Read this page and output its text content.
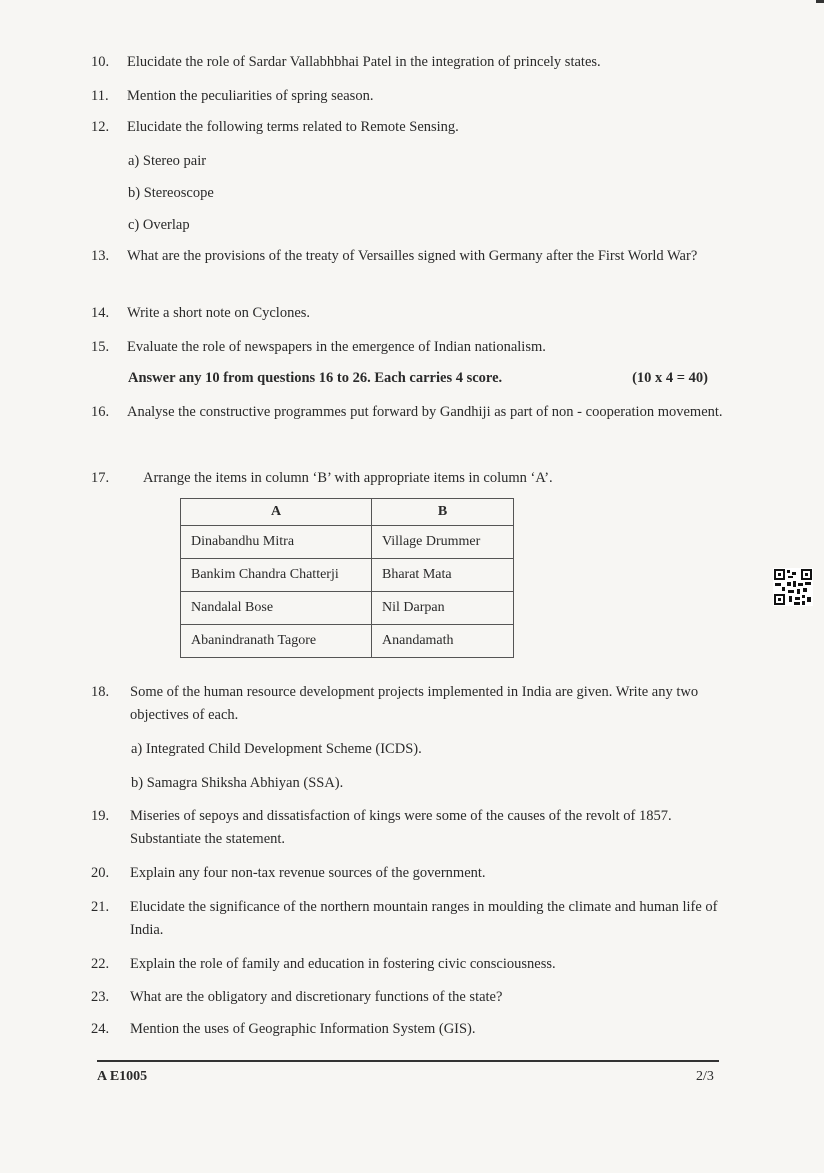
10.	Elucidate the role of Sardar Vallabhbhai Patel in the integration of princely states.
11.	Mention the peculiarities of spring season.
12.	Elucidate the following terms related to Remote Sensing.
a) Stereo pair
b) Stereoscope
c) Overlap
13.	What are the provisions of the treaty of Versailles signed with Germany after the First World War?
14.	Write a short note on Cyclones.
15.	Evaluate the role of newspapers in the emergence of Indian nationalism.
Answer any 10 from questions 16 to 26. Each carries 4 score.	(10 x 4 = 40)
16.	Analyse the constructive programmes put forward by Gandhiji as part of non - cooperation movement.
17.	Arrange the items in column ‘B’ with appropriate items in column ‘A’.
A	B
Dinabandhu Mitra	Village Drummer
Bankim Chandra Chatterji	Bharat Mata
Nandalal Bose	Nil Darpan
Abanindranath Tagore	Anandamath
18.	Some of the human resource development projects implemented in India are given. Write any two objectives of each.
a) Integrated Child Development Scheme (ICDS).
b) Samagra Shiksha Abhiyan (SSA).
19.	Miseries of sepoys and dissatisfaction of kings were some of the causes of the revolt of 1857. Substantiate the statement.
20.	Explain any four non-tax revenue sources of the government.
21.	Elucidate the significance of the northern mountain ranges in moulding the climate and human life of India.
22.	Explain the role of family and education in fostering civic consciousness.
23.	What are the obligatory and discretionary functions of the state?
24.	Mention the uses of Geographic Information System (GIS).
A E1005	2/3
